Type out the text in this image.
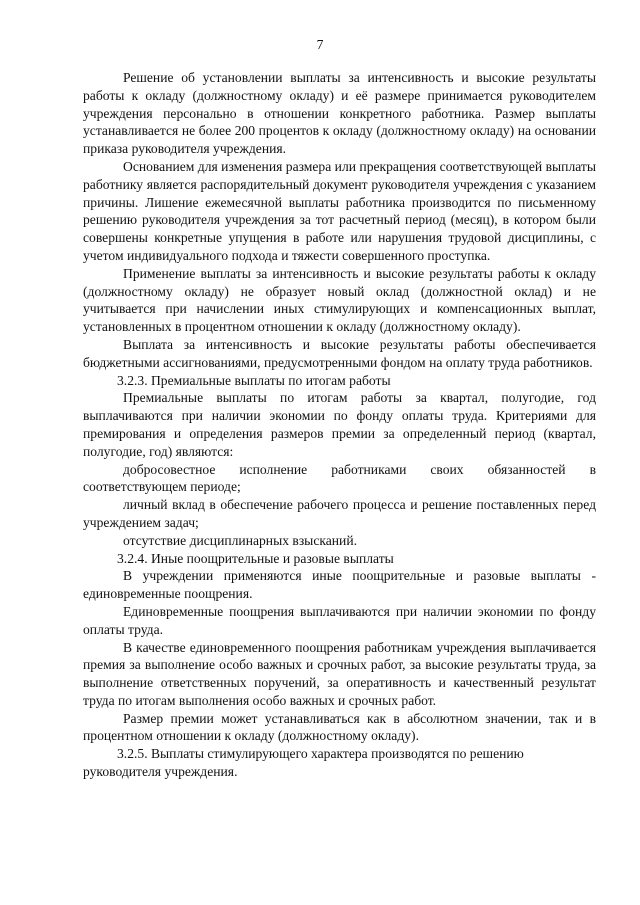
7

Решение об установлении выплаты за интенсивность и высокие результаты работы к окладу (должностному окладу) и её размере принимается руководителем учреждения персонально в отношении конкретного работника. Размер выплаты устанавливается не более 200 процентов к окладу (должностному окладу) на основании приказа руководителя учреждения.

Основанием для изменения размера или прекращения соответствующей выплаты работнику является распорядительный документ руководителя учреждения с указанием причины. Лишение ежемесячной выплаты работника производится по письменному решению руководителя учреждения за тот расчетный период (месяц), в котором были совершены конкретные упущения в работе или нарушения трудовой дисциплины, с учетом индивидуального подхода и тяжести совершенного проступка.

Применение выплаты за интенсивность и высокие результаты работы к окладу (должностному окладу) не образует новый оклад (должностной оклад) и не учитывается при начислении иных стимулирующих и компенсационных выплат, установленных в процентном отношении к окладу (должностному окладу).

Выплата за интенсивность и высокие результаты работы обеспечивается бюджетными ассигнованиями, предусмотренными фондом на оплату труда работников.

3.2.3. Премиальные выплаты по итогам работы

Премиальные выплаты по итогам работы за квартал, полугодие, год выплачиваются при наличии экономии по фонду оплаты труда. Критериями для премирования и определения размеров премии за определенный период (квартал, полугодие, год) являются:

добросовестное исполнение работниками своих обязанностей в соответствующем периоде;

личный вклад в обеспечение рабочего процесса и решение поставленных перед учреждением задач;

отсутствие дисциплинарных взысканий.

3.2.4. Иные поощрительные и разовые выплаты

В учреждении применяются иные поощрительные и разовые выплаты - единовременные поощрения.

Единовременные поощрения выплачиваются при наличии экономии по фонду оплаты труда.

В качестве единовременного поощрения работникам учреждения выплачивается премия за выполнение особо важных и срочных работ, за высокие результаты труда, за выполнение ответственных поручений, за оперативность и качественный результат труда по итогам выполнения особо важных и срочных работ.

Размер премии может устанавливаться как в абсолютном значении, так и в процентном отношении к окладу (должностному окладу).

3.2.5. Выплаты стимулирующего характера производятся по решению руководителя учреждения.
